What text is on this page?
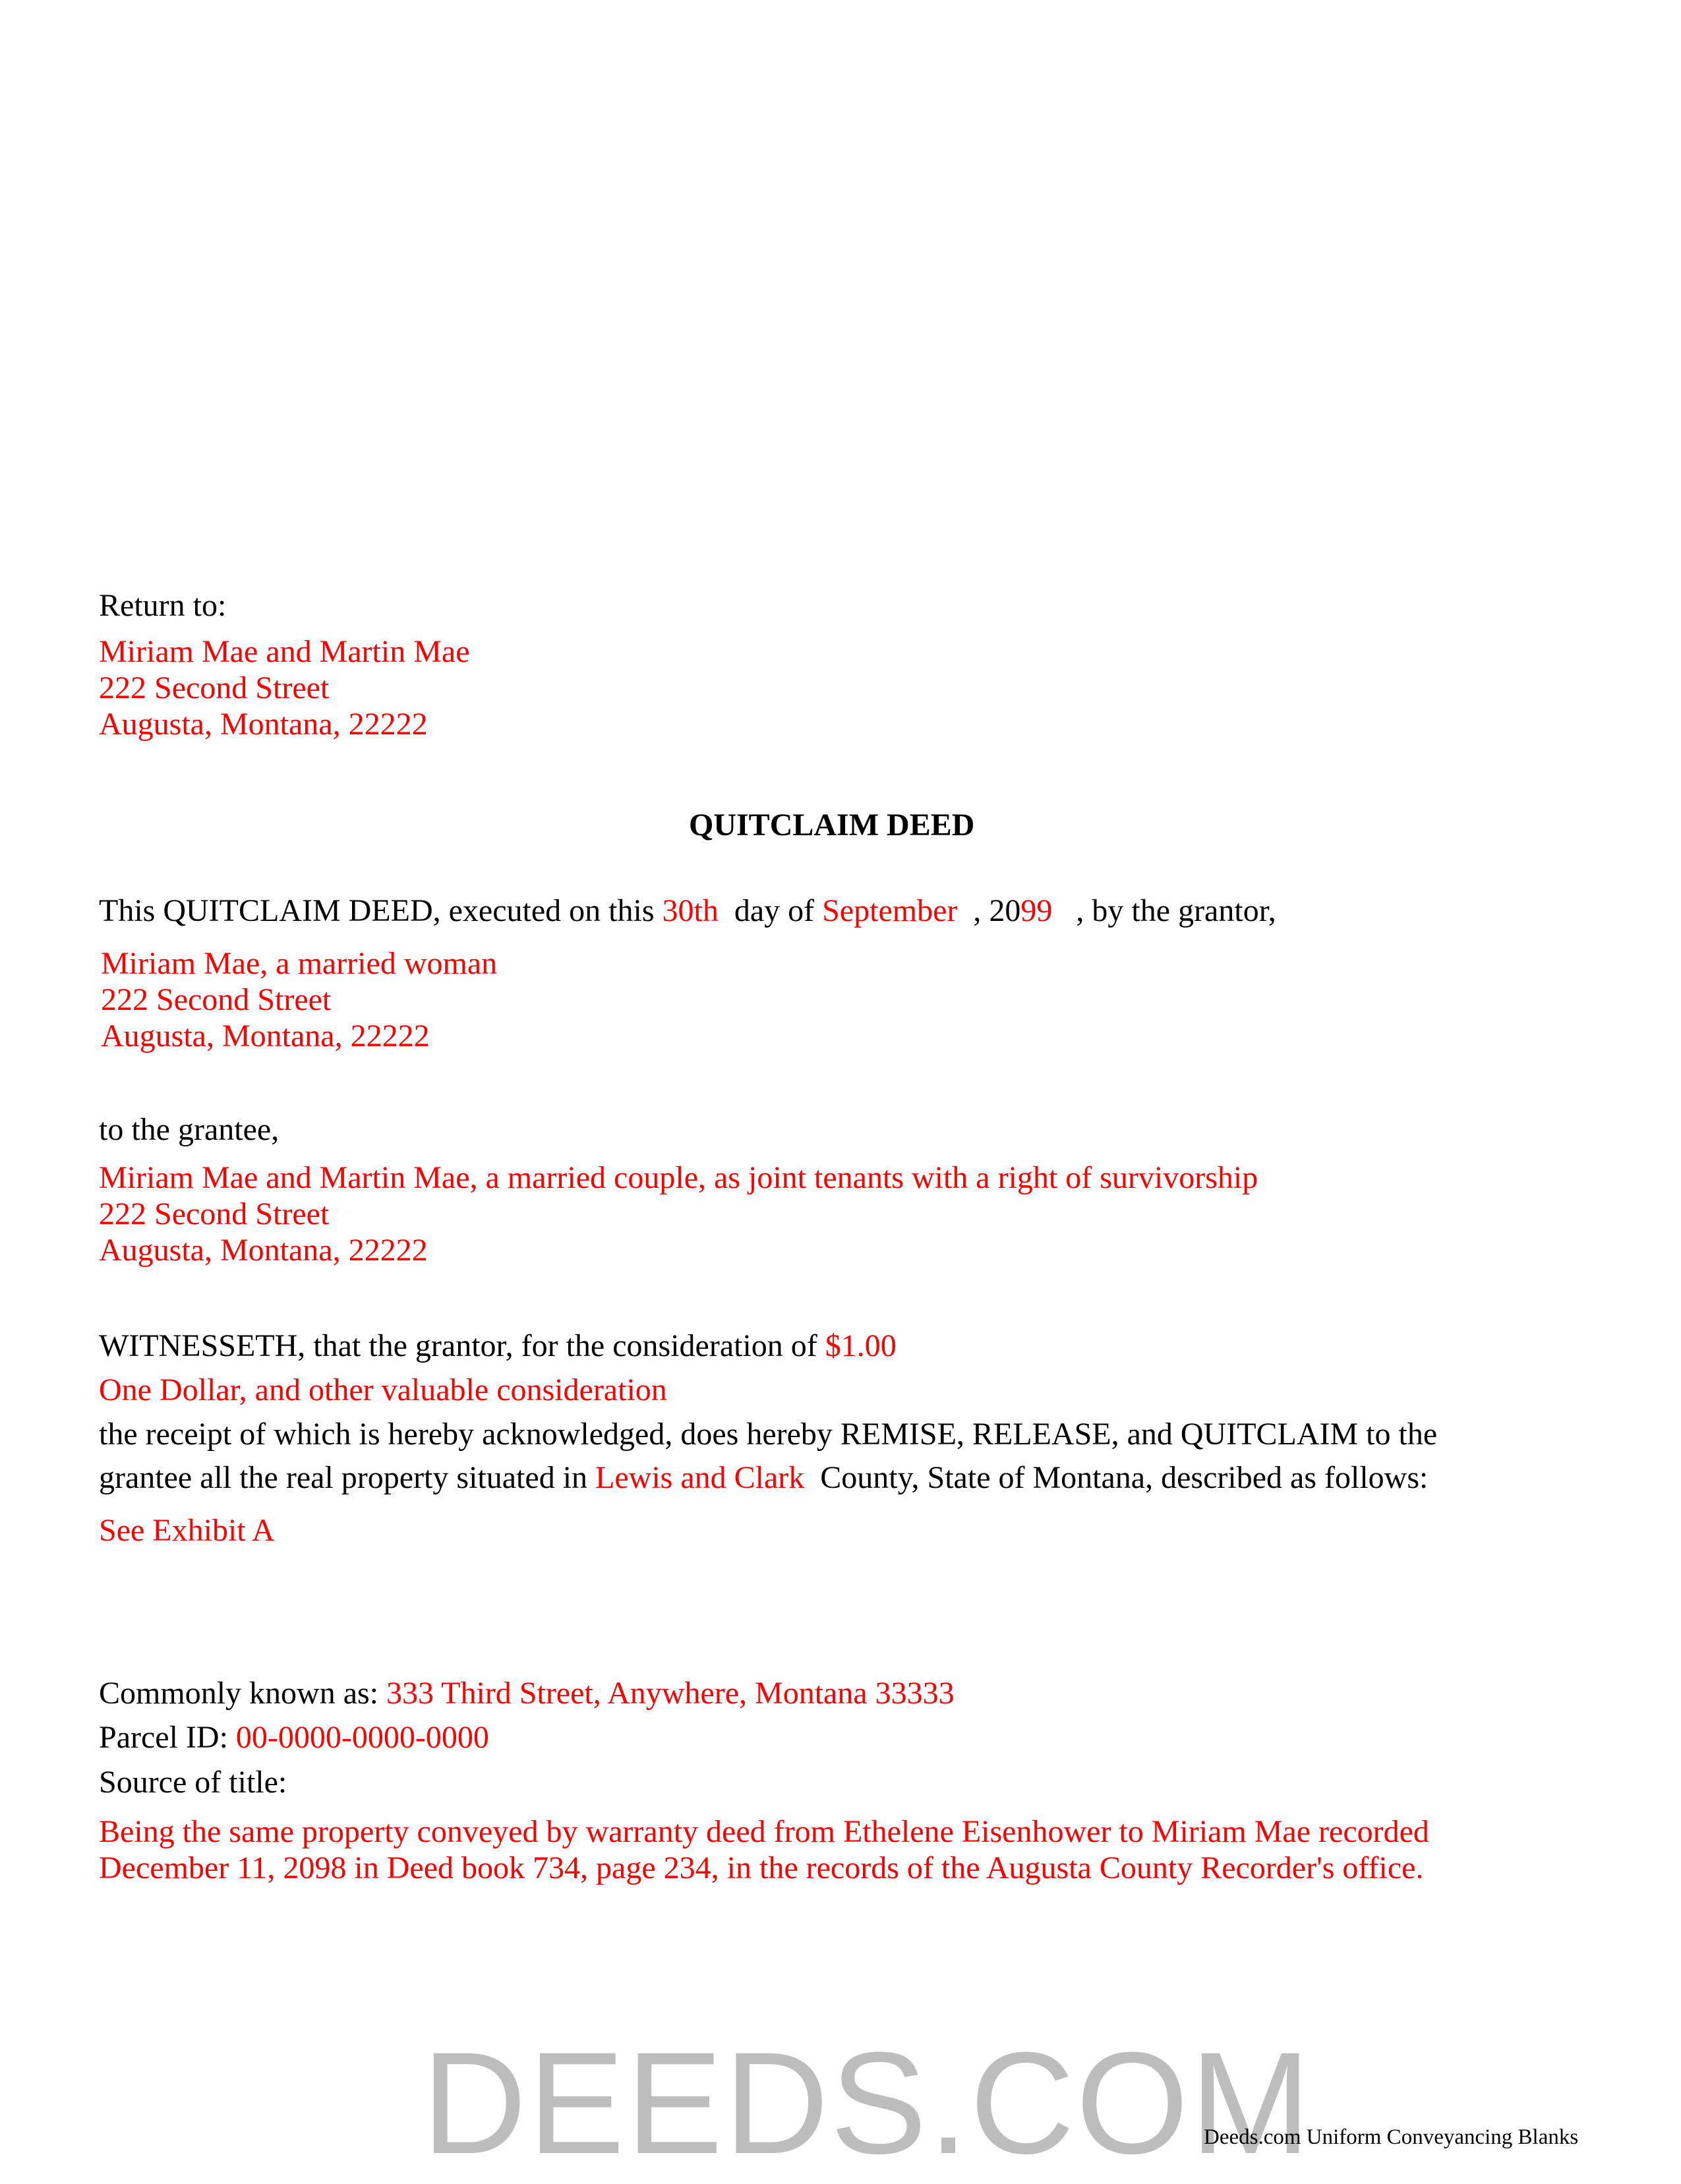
Return to:
Miriam Mae and Martin Mae
222 Second Street
Augusta, Montana, 22222
QUITCLAIM DEED
This QUITCLAIM DEED, executed on this 30th day of September , 2099 , by the grantor,
Miriam Mae, a married woman
222 Second Street
Augusta, Montana, 22222
to the grantee,
Miriam Mae and Martin Mae, a married couple, as joint tenants with a right of survivorship
222 Second Street
Augusta, Montana, 22222
WITNESSETH, that the grantor, for the consideration of $1.00
One Dollar, and other valuable consideration
the receipt of which is hereby acknowledged, does hereby REMISE, RELEASE, and QUITCLAIM to the
grantee all the real property situated in Lewis and Clark County, State of Montana, described as follows:
See Exhibit A
Commonly known as: 333 Third Street, Anywhere, Montana 33333
Parcel ID: 00-0000-0000-0000
Source of title:
Being the same property conveyed by warranty deed from Ethelene Eisenhower to Miriam Mae recorded
December 11, 2098 in Deed book 734, page 234, in the records of the Augusta County Recorder's office.
DEEDS.COM
Deeds.com Uniform Conveyancing Blanks
